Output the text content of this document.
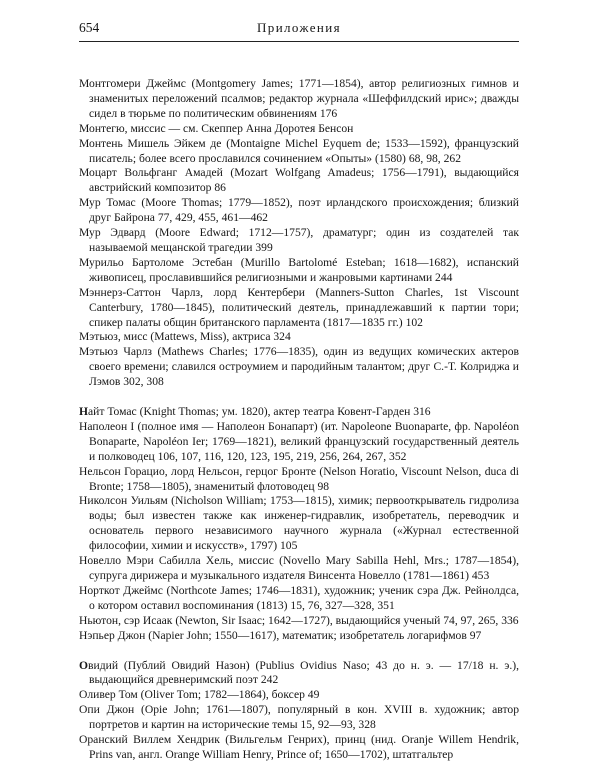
654	Приложения
Монтгомери Джеймс (Montgomery James; 1771—1854), автор религиозных гимнов и знаменитых переложений псалмов; редактор журнала «Шеффилдский ирис»; дважды сидел в тюрьме по политическим обвинениям 176
Монтегю, миссис — см. Скеппер Анна Доротея Бенсон
Монтень Мишель Эйкем де (Montaigne Michel Eyquem de; 1533—1592), французский писатель; более всего прославился сочинением «Опыты» (1580) 68, 98, 262
Моцарт Вольфганг Амадей (Mozart Wolfgang Amadeus; 1756—1791), выдающийся австрийский композитор 86
Мур Томас (Moore Thomas; 1779—1852), поэт ирландского происхождения; близкий друг Байрона 77, 429, 455, 461—462
Мур Эдвард (Moore Edward; 1712—1757), драматург; один из создателей так называемой мещанской трагедии 399
Мурильо Бартоломе Эстебан (Murillo Bartolomé Esteban; 1618—1682), испанский живописец, прославившийся религиозными и жанровыми картинами 244
Мэннерз-Саттон Чарлз, лорд Кентербери (Manners-Sutton Charles, 1st Viscount Canterbury, 1780—1845), политический деятель, принадлежавший к партии тори; спикер палаты общин британского парламента (1817—1835 гг.) 102
Мэтьюз, мисс (Mattews, Miss), актриса 324
Мэтьюз Чарлз (Mathews Charles; 1776—1835), один из ведущих комических актеров своего времени; славился остроумием и пародийным талантом; друг С.-Т. Колриджа и Лэмов 302, 308
Найт Томас (Knight Thomas; ум. 1820), актер театра Ковент-Гарден 316
Наполеон I (полное имя — Наполеон Бонапарт) (ит. Napoleone Buonaparte, фр. Napoléon Bonaparte, Napoléon Ier; 1769—1821), великий французский государственный деятель и полководец 106, 107, 116, 120, 123, 195, 219, 256, 264, 267, 352
Нельсон Горацио, лорд Нельсон, герцог Бронте (Nelson Horatio, Viscount Nelson, duca di Bronte; 1758—1805), знаменитый флотоводец 98
Николсон Уильям (Nicholson William; 1753—1815), химик; первооткрыватель гидролиза воды; был известен также как инженер-гидравлик, изобретатель, переводчик и основатель первого независимого научного журнала («Журнал естественной философии, химии и искусств», 1797) 105
Новелло Мэри Сабилла Хель, миссис (Novello Mary Sabilla Hehl, Mrs.; 1787—1854), супруга дирижера и музыкального издателя Винсента Новелло (1781—1861) 453
Норткот Джеймс (Northcote James; 1746—1831), художник; ученик сэра Дж. Рейнолдса, о котором оставил воспоминания (1813) 15, 76, 327—328, 351
Ньютон, сэр Исаак (Newton, Sir Isaac; 1642—1727), выдающийся ученый 74, 97, 265, 336
Нэпьер Джон (Napier John; 1550—1617), математик; изобретатель логарифмов 97
Овидий (Публий Овидий Назон) (Publius Ovidius Naso; 43 до н. э. — 17/18 н. э.), выдающийся древнеримский поэт 242
Оливер Том (Oliver Tom; 1782—1864), боксер 49
Опи Джон (Opie John; 1761—1807), популярный в кон. XVIII в. художник; автор портретов и картин на исторические темы 15, 92—93, 328
Оранский Виллем Хендрик (Вильгельм Генрих), принц (нид. Oranje Willem Hendrik, Prins van, англ. Orange William Henry, Prince of; 1650—1702), штатгальтер
